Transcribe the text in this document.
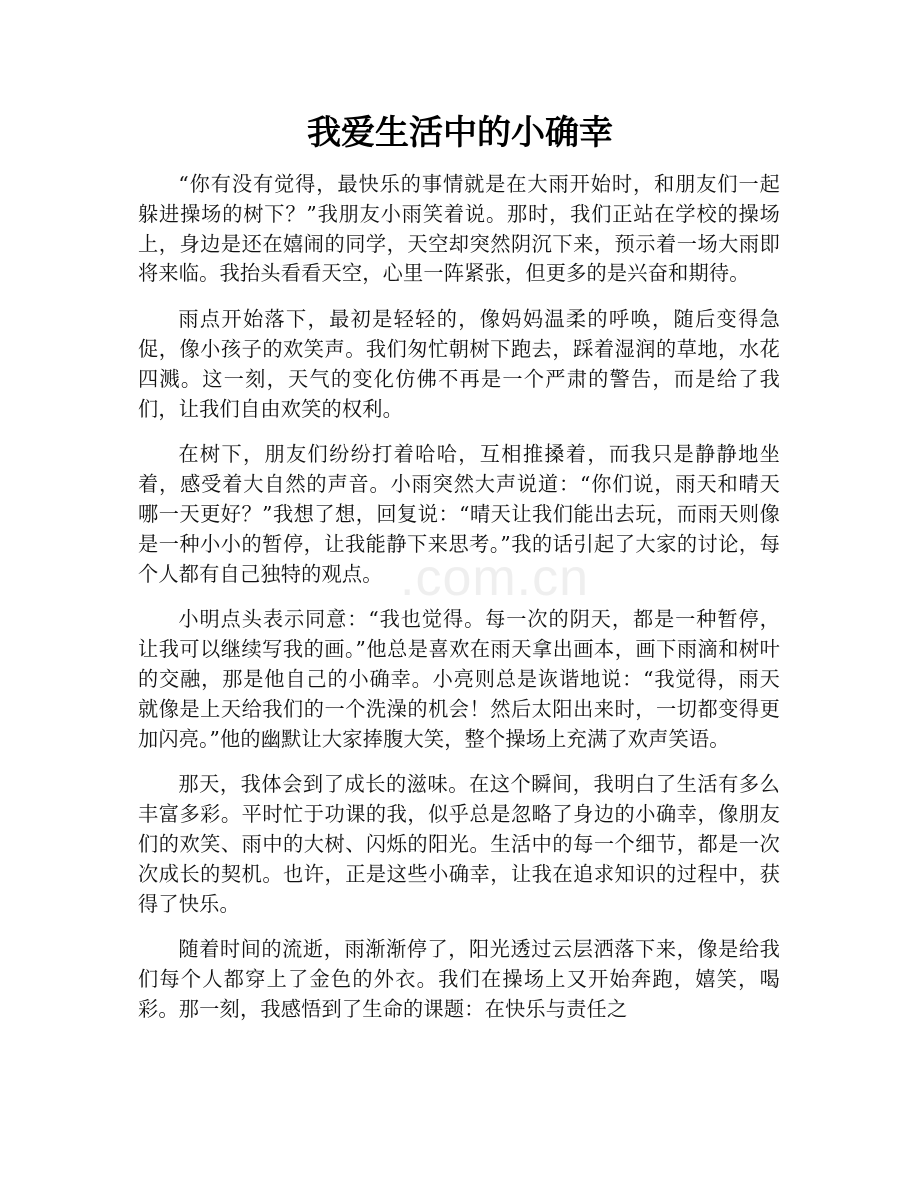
我爱生活中的小确幸

“你有没有觉得，最快乐的事情就是在大雨开始时，和朋友们一起躲进操场的树下？”我朋友小雨笑着说。那时，我们正站在学校的操场上，身边是还在嬉闹的同学，天空却突然阴沉下来，预示着一场大雨即将来临。我抬头看看天空，心里一阵紧张，但更多的是兴奋和期待。

雨点开始落下，最初是轻轻的，像妈妈温柔的呼唤，随后变得急促，像小孩子的欢笑声。我们匆忙朝树下跑去，踩着湿润的草地，水花四溅。这一刻，天气的变化仿佛不再是一个严肃的警告，而是给了我们，让我们自由欢笑的权利。

在树下，朋友们纷纷打着哈哈，互相推搡着，而我只是静静地坐着，感受着大自然的声音。小雨突然大声说道：“你们说，雨天和晴天哪一天更好？”我想了想，回复说：“晴天让我们能出去玩，而雨天则像是一种小小的暂停，让我能静下来思考。”我的话引起了大家的讨论，每个人都有自己独特的观点。

小明点头表示同意：“我也觉得。每一次的阴天，都是一种暂停，让我可以继续写我的画。”他总是喜欢在雨天拿出画本，画下雨滴和树叶的交融，那是他自己的小确幸。小亮则总是诙谐地说：“我觉得，雨天就像是上天给我们的一个洗澡的机会！然后太阳出来时，一切都变得更加闪亮。”他的幽默让大家捧腹大笑，整个操场上充满了欢声笑语。

那天，我体会到了成长的滋味。在这个瞬间，我明白了生活有多么丰富多彩。平时忙于功课的我，似乎总是忽略了身边的小确幸，像朋友们的欢笑、雨中的大树、闪烁的阳光。生活中的每一个细节，都是一次次成长的契机。也许，正是这些小确幸，让我在追求知识的过程中，获得了快乐。

随着时间的流逝，雨渐渐停了，阳光透过云层洒落下来，像是给我们每个人都穿上了金色的外衣。我们在操场上又开始奔跑，嬉笑，喝彩。那一刻，我感悟到了生命的课题：在快乐与责任之

.com.cn
